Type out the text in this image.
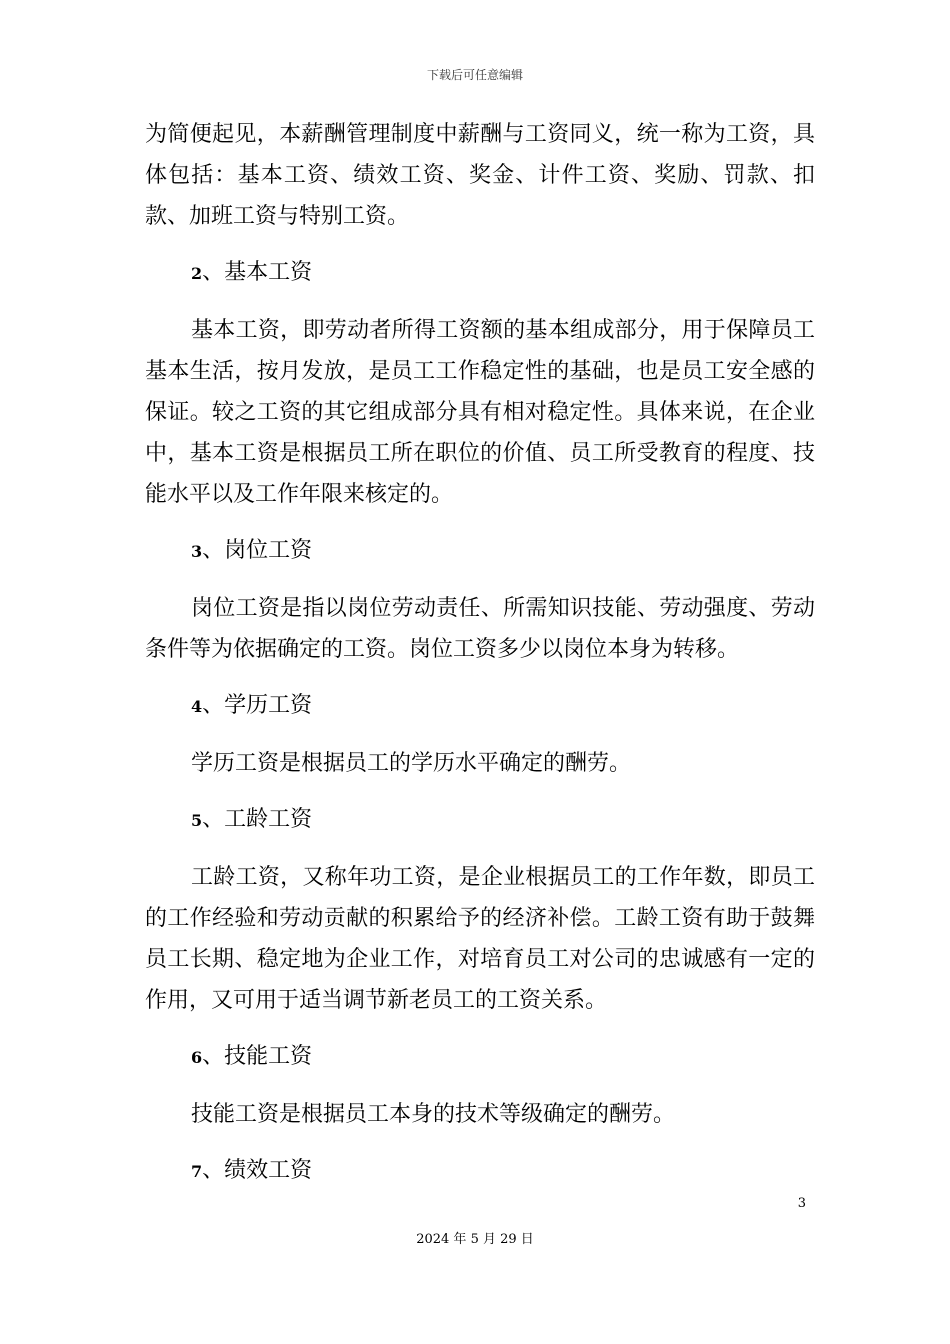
下载后可任意编辑

为简便起见，本薪酬管理制度中薪酬与工资同义，统一称为工资，具体包括：基本工资、绩效工资、奖金、计件工资、奖励、罚款、扣款、加班工资与特别工资。

2、基本工资

基本工资，即劳动者所得工资额的基本组成部分，用于保障员工基本生活，按月发放，是员工工作稳定性的基础，也是员工安全感的保证。较之工资的其它组成部分具有相对稳定性。具体来说，在企业中，基本工资是根据员工所在职位的价值、员工所受教育的程度、技能水平以及工作年限来核定的。

3、岗位工资

岗位工资是指以岗位劳动责任、所需知识技能、劳动强度、劳动条件等为依据确定的工资。岗位工资多少以岗位本身为转移。

4、学历工资

学历工资是根据员工的学历水平确定的酬劳。

5、工龄工资

工龄工资，又称年功工资，是企业根据员工的工作年数，即员工的工作经验和劳动贡献的积累给予的经济补偿。工龄工资有助于鼓舞员工长期、稳定地为企业工作，对培育员工对公司的忠诚感有一定的作用，又可用于适当调节新老员工的工资关系。

6、技能工资

技能工资是根据员工本身的技术等级确定的酬劳。

7、绩效工资
3
2024 年 5 月 29 日
